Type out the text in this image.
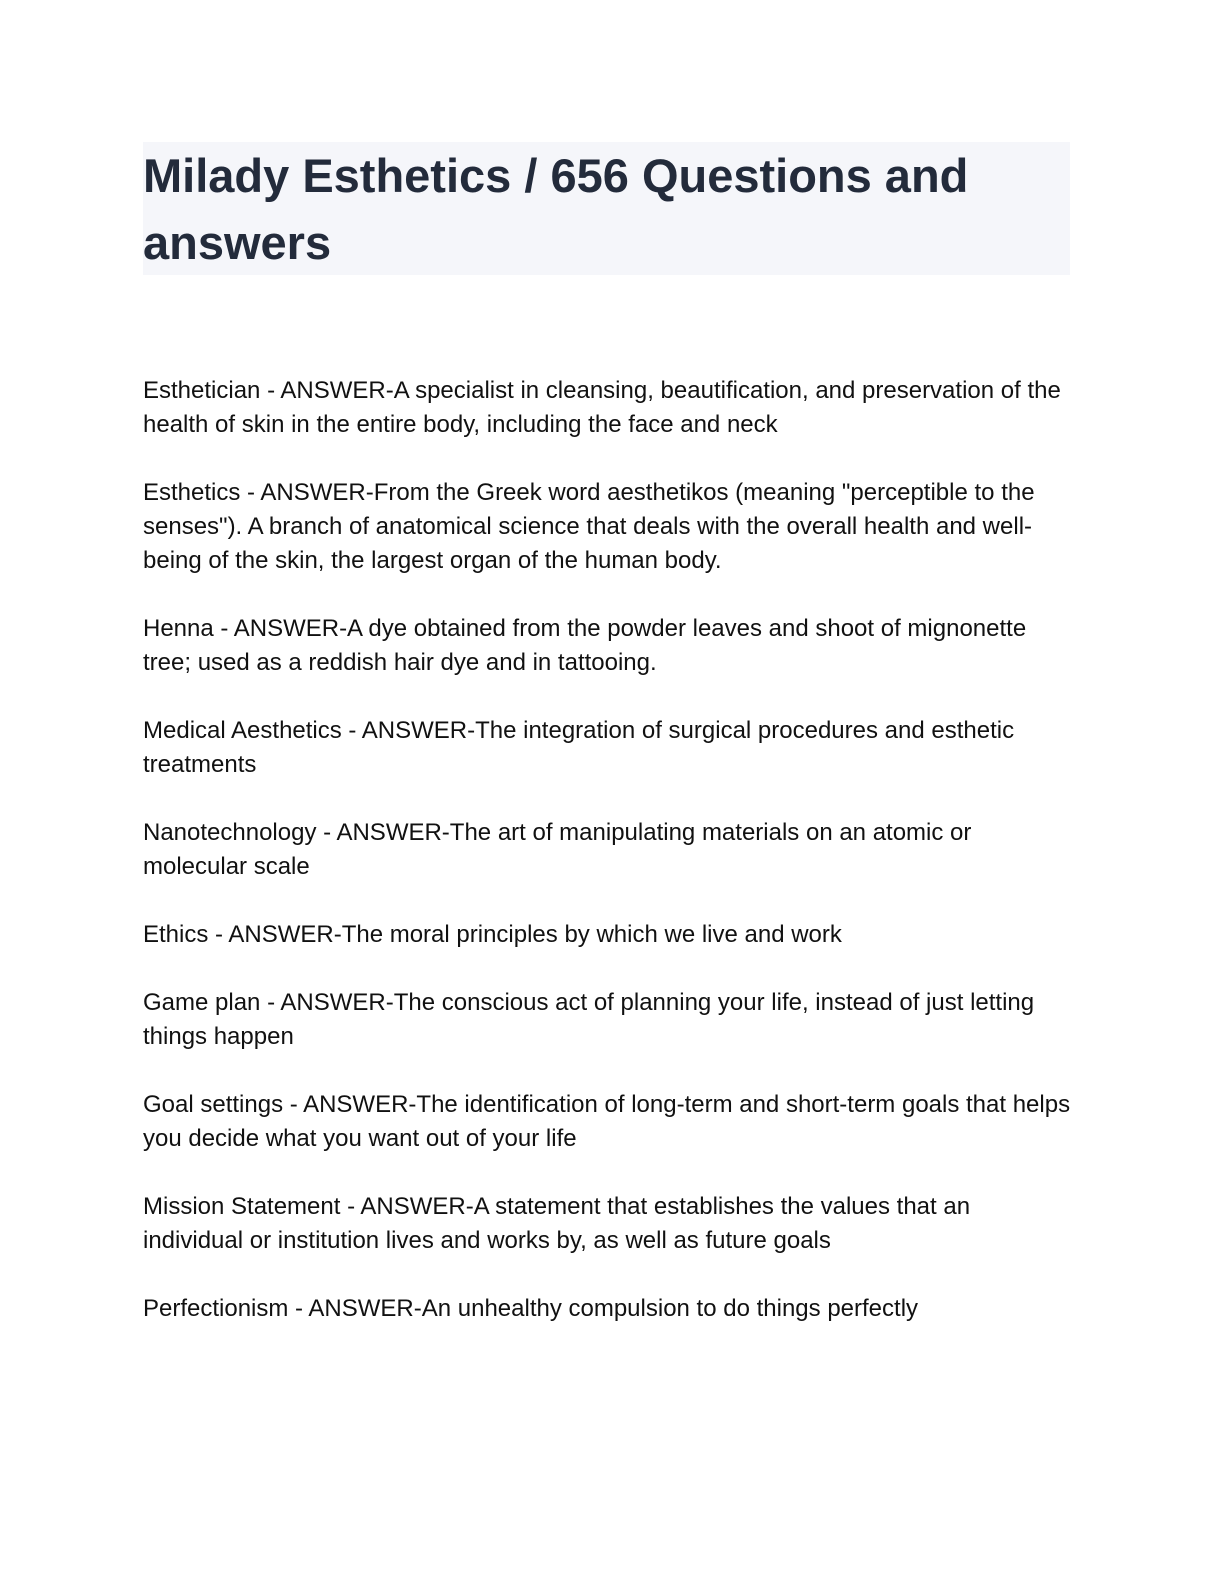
Milady Esthetics / 656 Questions and answers
Esthetician - ANSWER-A specialist in cleansing, beautification, and preservation of the health of skin in the entire body, including the face and neck
Esthetics - ANSWER-From the Greek word aesthetikos (meaning "perceptible to the senses"). A branch of anatomical science that deals with the overall health and well-being of the skin, the largest organ of the human body.
Henna - ANSWER-A dye obtained from the powder leaves and shoot of mignonette tree; used as a reddish hair dye and in tattooing.
Medical Aesthetics - ANSWER-The integration of surgical procedures and esthetic treatments
Nanotechnology - ANSWER-The art of manipulating materials on an atomic or molecular scale
Ethics - ANSWER-The moral principles by which we live and work
Game plan - ANSWER-The conscious act of planning your life, instead of just letting things happen
Goal settings - ANSWER-The identification of long-term and short-term goals that helps you decide what you want out of your life
Mission Statement - ANSWER-A statement that establishes the values that an individual or institution lives and works by, as well as future goals
Perfectionism - ANSWER-An unhealthy compulsion to do things perfectly
